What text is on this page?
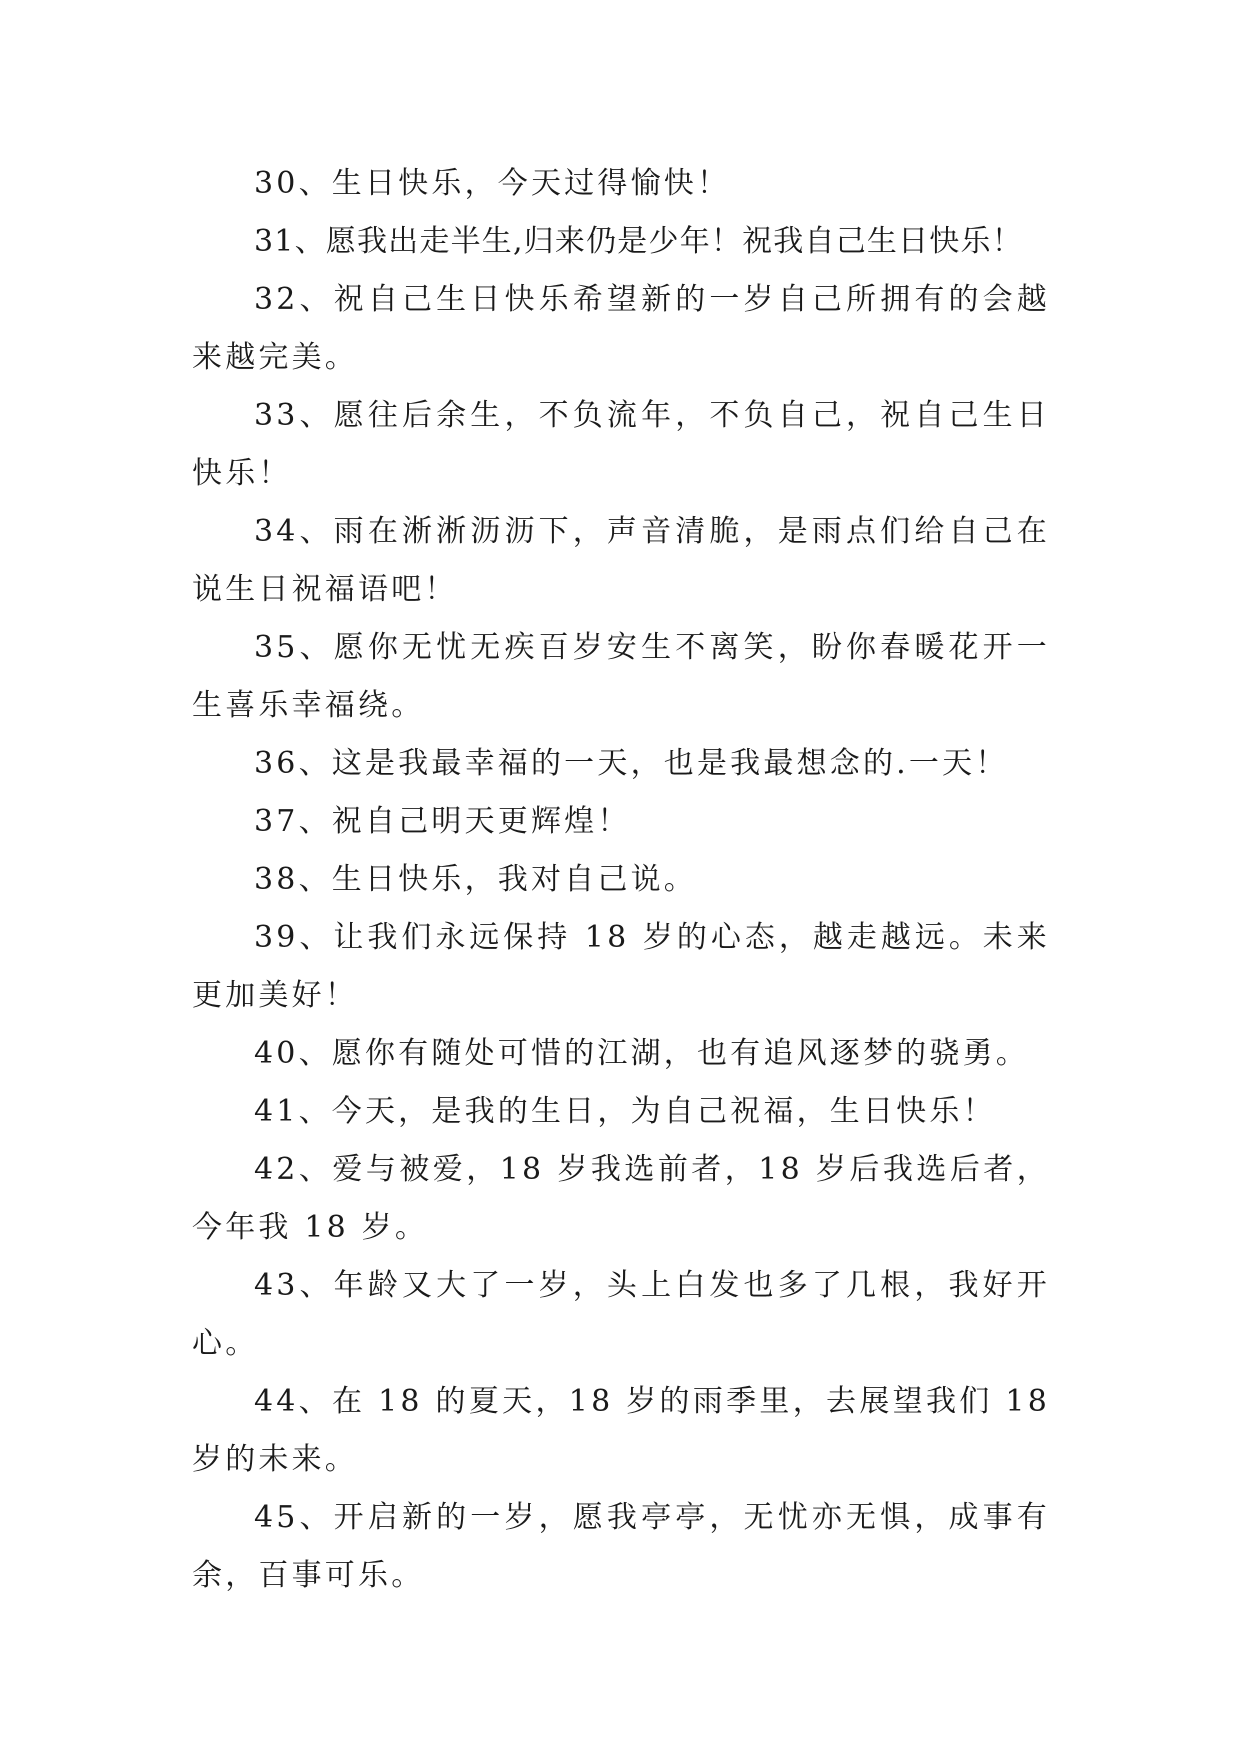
30、生日快乐，今天过得愉快！

31、愿我出走半生,归来仍是少年！祝我自己生日快乐！

32、祝自己生日快乐希望新的一岁自己所拥有的会越来越完美。

33、愿往后余生，不负流年，不负自己，祝自己生日快乐！

34、雨在淅淅沥沥下，声音清脆，是雨点们给自己在说生日祝福语吧！

35、愿你无忧无疾百岁安生不离笑，盼你春暖花开一生喜乐幸福绕。

36、这是我最幸福的一天，也是我最想念的.一天！

37、祝自己明天更辉煌！

38、生日快乐，我对自己说。

39、让我们永远保持 18 岁的心态，越走越远。未来更加美好！

40、愿你有随处可惜的江湖，也有追风逐梦的骁勇。

41、今天，是我的生日，为自己祝福，生日快乐！

42、爱与被爱，18 岁我选前者，18 岁后我选后者，今年我 18 岁。

43、年龄又大了一岁，头上白发也多了几根，我好开心。

44、在 18 的夏天，18 岁的雨季里，去展望我们 18 岁的未来。

45、开启新的一岁，愿我亭亭，无忧亦无惧，成事有余，百事可乐。
